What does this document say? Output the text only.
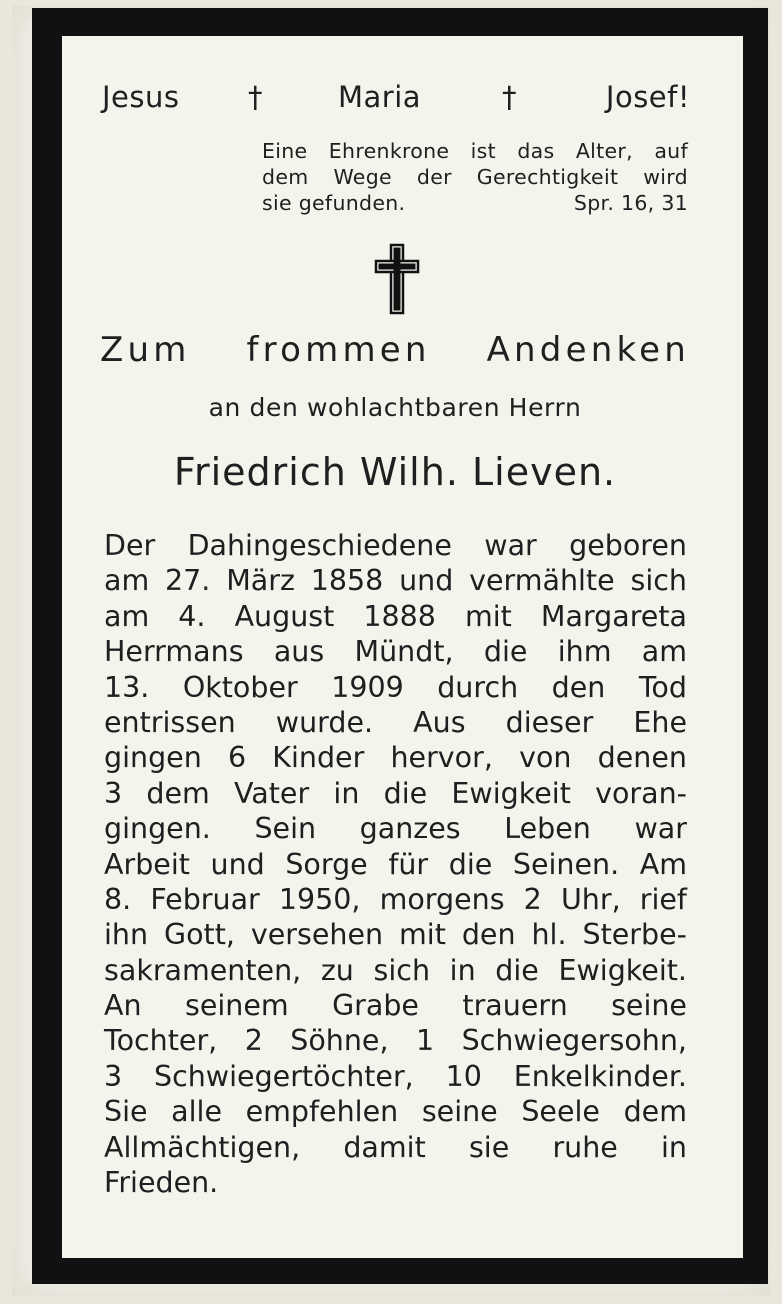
Jesus †	Maria	†	Josef!
Eine Ehrenkrone ist das Alter, auf
dem Wege der Gerechtigkeit wird
sie gefunden.	Spr. 16, 31
Zum frommen Andenken
an den wohlachtbaren Herrn
Friedrich Wilh. Lieven.
Der Dahingeschiedene war geboren
am 27. März 1858 und vermählte sich
am 4. August 1888 mit Margareta
Herrmans aus Mündt, die ihm am
13. Oktober 1909 durch den Tod
entrissen wurde. Aus dieser Ehe
gingen 6 Kinder hervor, von denen
3 dem Vater in die Ewigkeit voran-
gingen. Sein ganzes Leben war
Arbeit und Sorge für die Seinen. Am
8. Februar 1950, morgens 2 Uhr, rief
ihn Gott, versehen mit den hl. Sterbe-
sakramenten, zu sich in die Ewigkeit.
An seinem Grabe trauern seine
Tochter, 2 Söhne, 1 Schwiegersohn,
3 Schwiegertöchter, 10 Enkelkinder.
Sie alle empfehlen seine Seele dem
Allmächtigen, damit sie ruhe in
Frieden.
